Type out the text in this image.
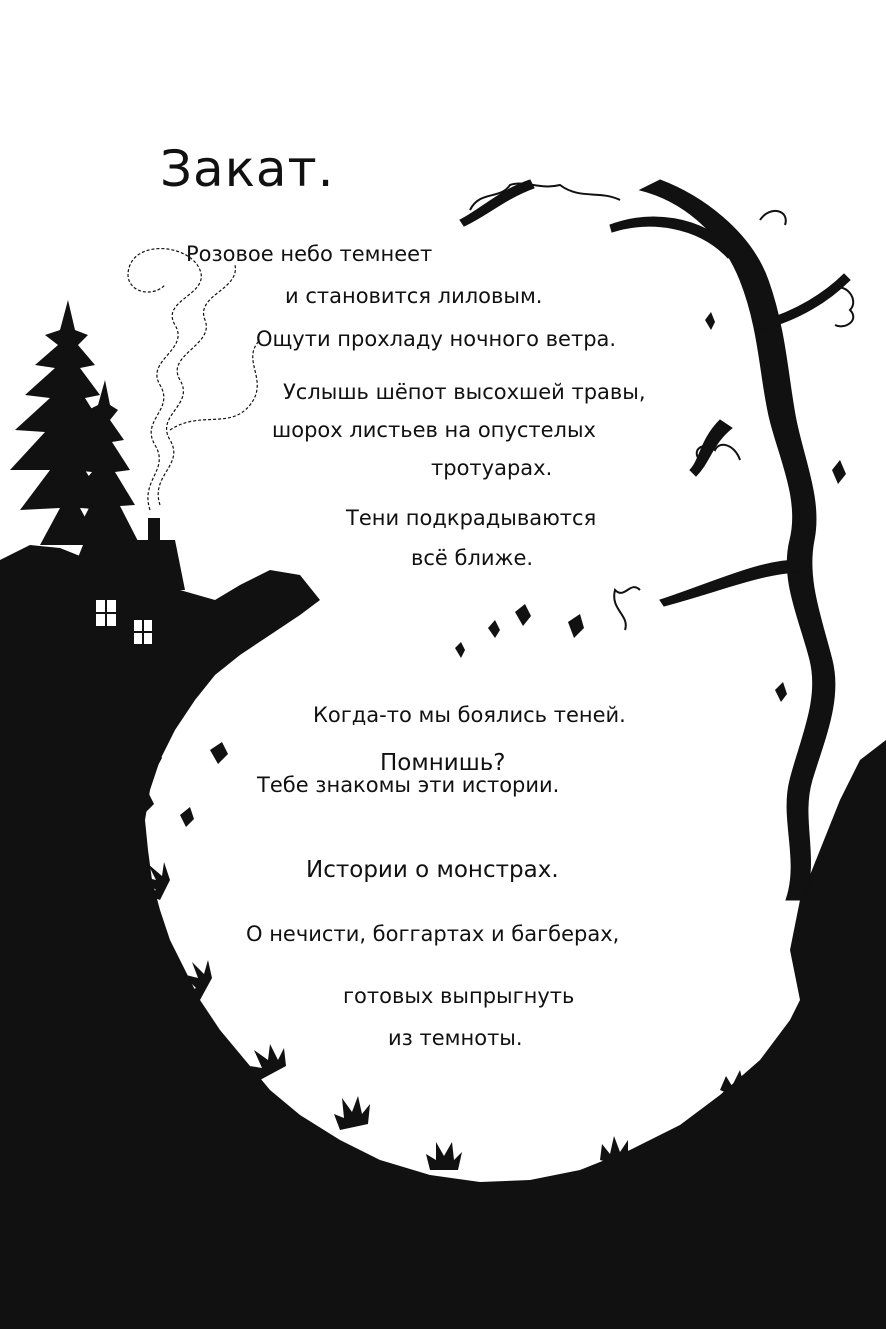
Закат.
Розовое небо темнеет
и становится лиловым.
Ощути прохладу ночного ветра.
Услышь шёпот высохшей травы,
шорох листьев на опустелых
тротуарах.
Тени подкрадываются
всё ближе.
Когда-то мы боялись теней.
Помнишь?
Тебе знакомы эти истории.
Истории о монстрах.
О нечисти, боггартах и багберах,
готовых выпрыгнуть
из темноты.
